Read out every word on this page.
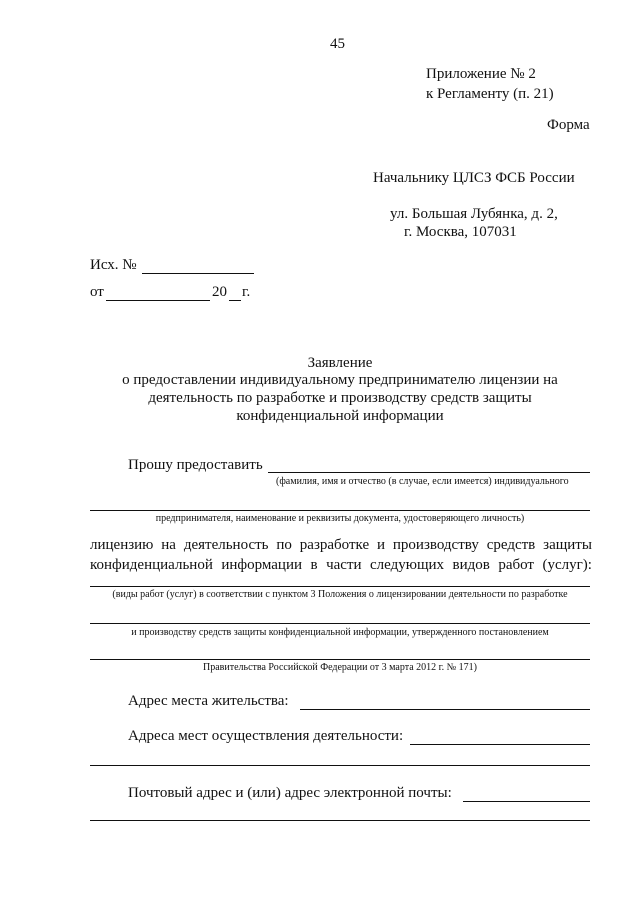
45
Приложение № 2
к Регламенту (п. 21)
Форма
Начальнику ЦЛСЗ ФСБ России
ул. Большая Лубянка, д. 2,
г. Москва, 107031
Исх. №
от	20 г.
Заявление
о предоставлении индивидуальному предпринимателю лицензии на
деятельность по разработке и производству средств защиты
конфиденциальной информации
Прошу предоставить
(фамилия, имя и отчество (в случае, если имеется) индивидуального
предпринимателя, наименование и реквизиты документа, удостоверяющего личность)
лицензию на деятельность по разработке и производству средств защиты
конфиденциальной информации в части следующих видов работ (услуг):
(виды работ (услуг) в соответствии с пунктом 3 Положения о лицензировании деятельности по разработке
и производству средств защиты конфиденциальной информации, утвержденного постановлением
Правительства Российской Федерации от 3 марта 2012 г. № 171)
Адрес места жительства:
Адреса мест осуществления деятельности:
Почтовый адрес и (или) адрес электронной почты:
